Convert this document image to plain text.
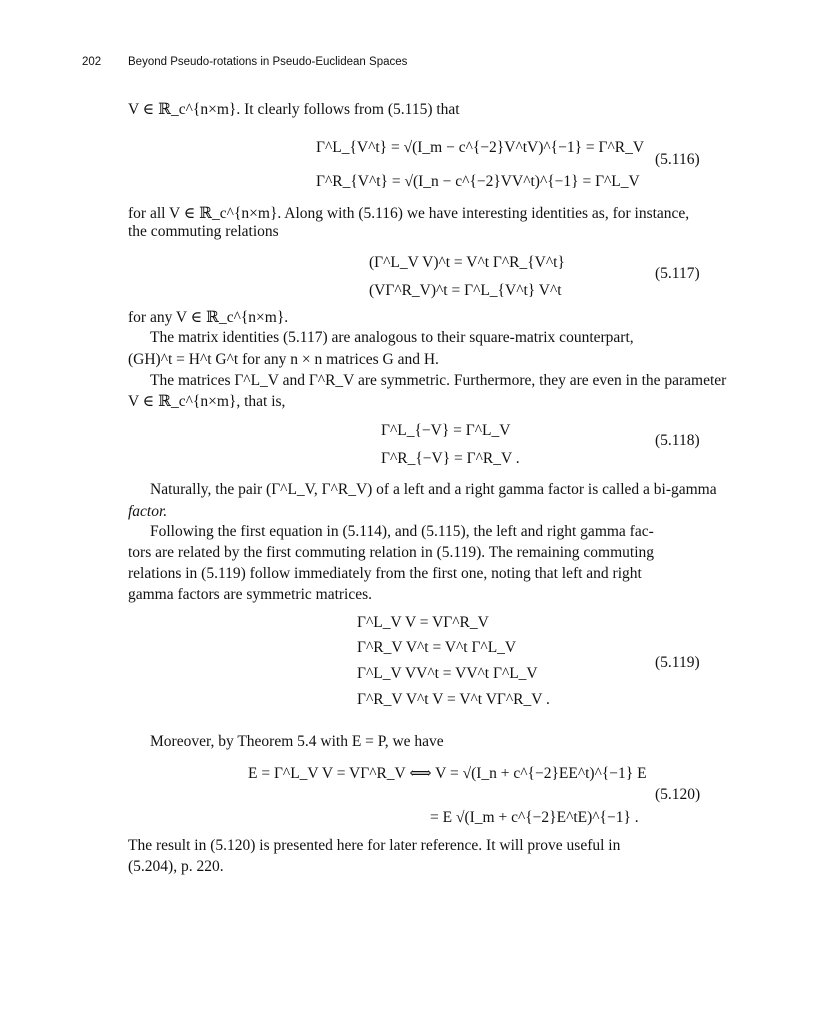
202 Beyond Pseudo-rotations in Pseudo-Euclidean Spaces
V ∈ ℝ_c^{n×m}. It clearly follows from (5.115) that
Γ^L_{V^t} = √(I_m − c^{−2}V^tV)^{−1} = Γ^R_V
Γ^R_{V^t} = √(I_n − c^{−2}VV^t)^{−1} = Γ^L_V
(5.116)
for all V ∈ ℝ_c^{n×m}. Along with (5.116) we have interesting identities as, for instance,
the commuting relations
(Γ^L_V V)^t = V^t Γ^R_{V^t}
(VΓ^R_V)^t = Γ^L_{V^t} V^t
(5.117)
for any V ∈ ℝ_c^{n×m}.
The matrix identities (5.117) are analogous to their square-matrix counterpart,
(GH)^t = H^t G^t for any n × n matrices G and H.
The matrices Γ^L_V and Γ^R_V are symmetric. Furthermore, they are even in the parameter
V ∈ ℝ_c^{n×m}, that is,
Γ^L_{−V} = Γ^L_V
Γ^R_{−V} = Γ^R_V .
(5.118)
Naturally, the pair (Γ^L_V, Γ^R_V) of a left and a right gamma factor is called a bi-gamma
factor.
Following the first equation in (5.114), and (5.115), the left and right gamma fac-
tors are related by the first commuting relation in (5.119). The remaining commuting
relations in (5.119) follow immediately from the first one, noting that left and right
gamma factors are symmetric matrices.
Γ^L_V V = VΓ^R_V
Γ^R_V V^t = V^t Γ^L_V
Γ^L_V VV^t = VV^t Γ^L_V
Γ^R_V V^t V = V^t VΓ^R_V .
(5.119)
Moreover, by Theorem 5.4 with E = P, we have
E = Γ^L_V V = VΓ^R_V ⟺ V = √(I_n + c^{−2}EE^t)^{−1} E
= E √(I_m + c^{−2}E^tE)^{−1} .
(5.120)
The result in (5.120) is presented here for later reference. It will prove useful in
(5.204), p. 220.
